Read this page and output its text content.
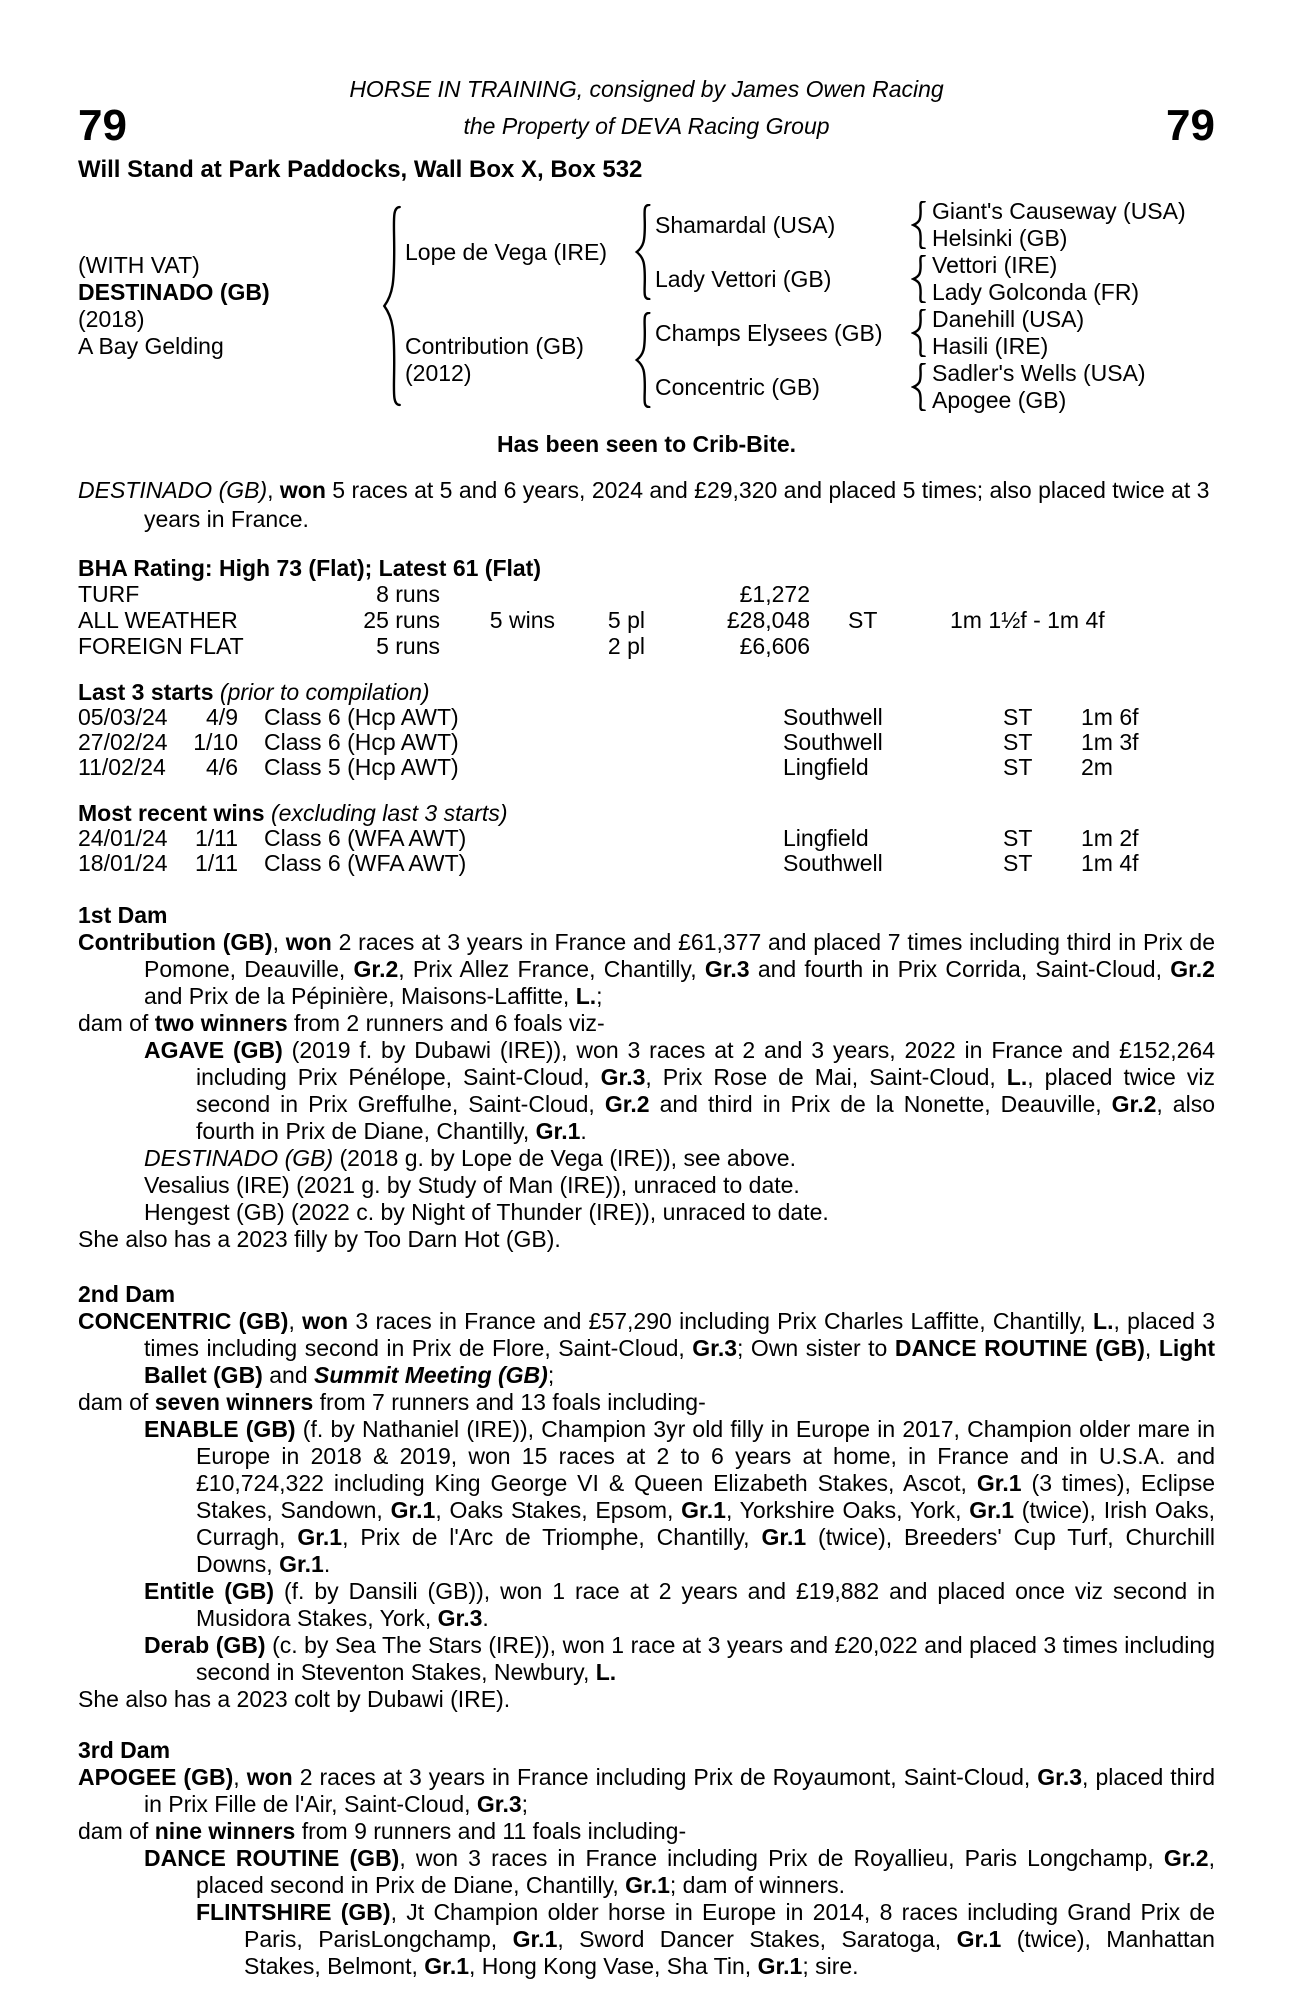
HORSE IN TRAINING, consigned by James Owen Racing
79	the Property of DEVA Racing Group	79
Will Stand at Park Paddocks, Wall Box X, Box 532
(WITH VAT)
DESTINADO (GB)
(2018)
A Bay Gelding
Lope de Vega (IRE)
Shamardal (USA)
Giant's Causeway (USA)
Helsinki (GB)
Lady Vettori (GB)
Vettori (IRE)
Lady Golconda (FR)
Contribution (GB)
(2012)
Champs Elysees (GB)
Danehill (USA)
Hasili (IRE)
Concentric (GB)
Sadler's Wells (USA)
Apogee (GB)
Has been seen to Crib-Bite.
DESTINADO (GB), won 5 races at 5 and 6 years, 2024 and £29,320 and placed 5 times; also placed twice at 3 years in France.
BHA Rating: High 73 (Flat); Latest 61 (Flat)
TURF	8 runs	£1,272
ALL WEATHER	25 runs	5 wins	5 pl	£28,048	ST	1m 1½f - 1m 4f
FOREIGN FLAT	5 runs	2 pl	£6,606
Last 3 starts (prior to compilation)
05/03/24	4/9	Class 6 (Hcp AWT)	Southwell	ST	1m 6f
27/02/24	1/10	Class 6 (Hcp AWT)	Southwell	ST	1m 3f
11/02/24	4/6	Class 5 (Hcp AWT)	Lingfield	ST	2m
Most recent wins (excluding last 3 starts)
24/01/24	1/11	Class 6 (WFA AWT)	Lingfield	ST	1m 2f
18/01/24	1/11	Class 6 (WFA AWT)	Southwell	ST	1m 4f
1st Dam
Contribution (GB), won 2 races at 3 years in France and £61,377 and placed 7 times including third in Prix de Pomone, Deauville, Gr.2, Prix Allez France, Chantilly, Gr.3 and fourth in Prix Corrida, Saint-Cloud, Gr.2 and Prix de la Pépinière, Maisons-Laffitte, L.;
dam of two winners from 2 runners and 6 foals viz-
AGAVE (GB) (2019 f. by Dubawi (IRE)), won 3 races at 2 and 3 years, 2022 in France and £152,264 including Prix Pénélope, Saint-Cloud, Gr.3, Prix Rose de Mai, Saint-Cloud, L., placed twice viz second in Prix Greffulhe, Saint-Cloud, Gr.2 and third in Prix de la Nonette, Deauville, Gr.2, also fourth in Prix de Diane, Chantilly, Gr.1.
DESTINADO (GB) (2018 g. by Lope de Vega (IRE)), see above.
Vesalius (IRE) (2021 g. by Study of Man (IRE)), unraced to date.
Hengest (GB) (2022 c. by Night of Thunder (IRE)), unraced to date.
She also has a 2023 filly by Too Darn Hot (GB).
2nd Dam
CONCENTRIC (GB), won 3 races in France and £57,290 including Prix Charles Laffitte, Chantilly, L., placed 3 times including second in Prix de Flore, Saint-Cloud, Gr.3; Own sister to DANCE ROUTINE (GB), Light Ballet (GB) and Summit Meeting (GB);
dam of seven winners from 7 runners and 13 foals including-
ENABLE (GB) (f. by Nathaniel (IRE)), Champion 3yr old filly in Europe in 2017, Champion older mare in Europe in 2018 & 2019, won 15 races at 2 to 6 years at home, in France and in U.S.A. and £10,724,322 including King George VI & Queen Elizabeth Stakes, Ascot, Gr.1 (3 times), Eclipse Stakes, Sandown, Gr.1, Oaks Stakes, Epsom, Gr.1, Yorkshire Oaks, York, Gr.1 (twice), Irish Oaks, Curragh, Gr.1, Prix de l'Arc de Triomphe, Chantilly, Gr.1 (twice), Breeders' Cup Turf, Churchill Downs, Gr.1.
Entitle (GB) (f. by Dansili (GB)), won 1 race at 2 years and £19,882 and placed once viz second in Musidora Stakes, York, Gr.3.
Derab (GB) (c. by Sea The Stars (IRE)), won 1 race at 3 years and £20,022 and placed 3 times including second in Steventon Stakes, Newbury, L.
She also has a 2023 colt by Dubawi (IRE).
3rd Dam
APOGEE (GB), won 2 races at 3 years in France including Prix de Royaumont, Saint-Cloud, Gr.3, placed third in Prix Fille de l'Air, Saint-Cloud, Gr.3;
dam of nine winners from 9 runners and 11 foals including-
DANCE ROUTINE (GB), won 3 races in France including Prix de Royallieu, Paris Longchamp, Gr.2, placed second in Prix de Diane, Chantilly, Gr.1; dam of winners.
FLINTSHIRE (GB), Jt Champion older horse in Europe in 2014, 8 races including Grand Prix de Paris, ParisLongchamp, Gr.1, Sword Dancer Stakes, Saratoga, Gr.1 (twice), Manhattan Stakes, Belmont, Gr.1, Hong Kong Vase, Sha Tin, Gr.1; sire.
